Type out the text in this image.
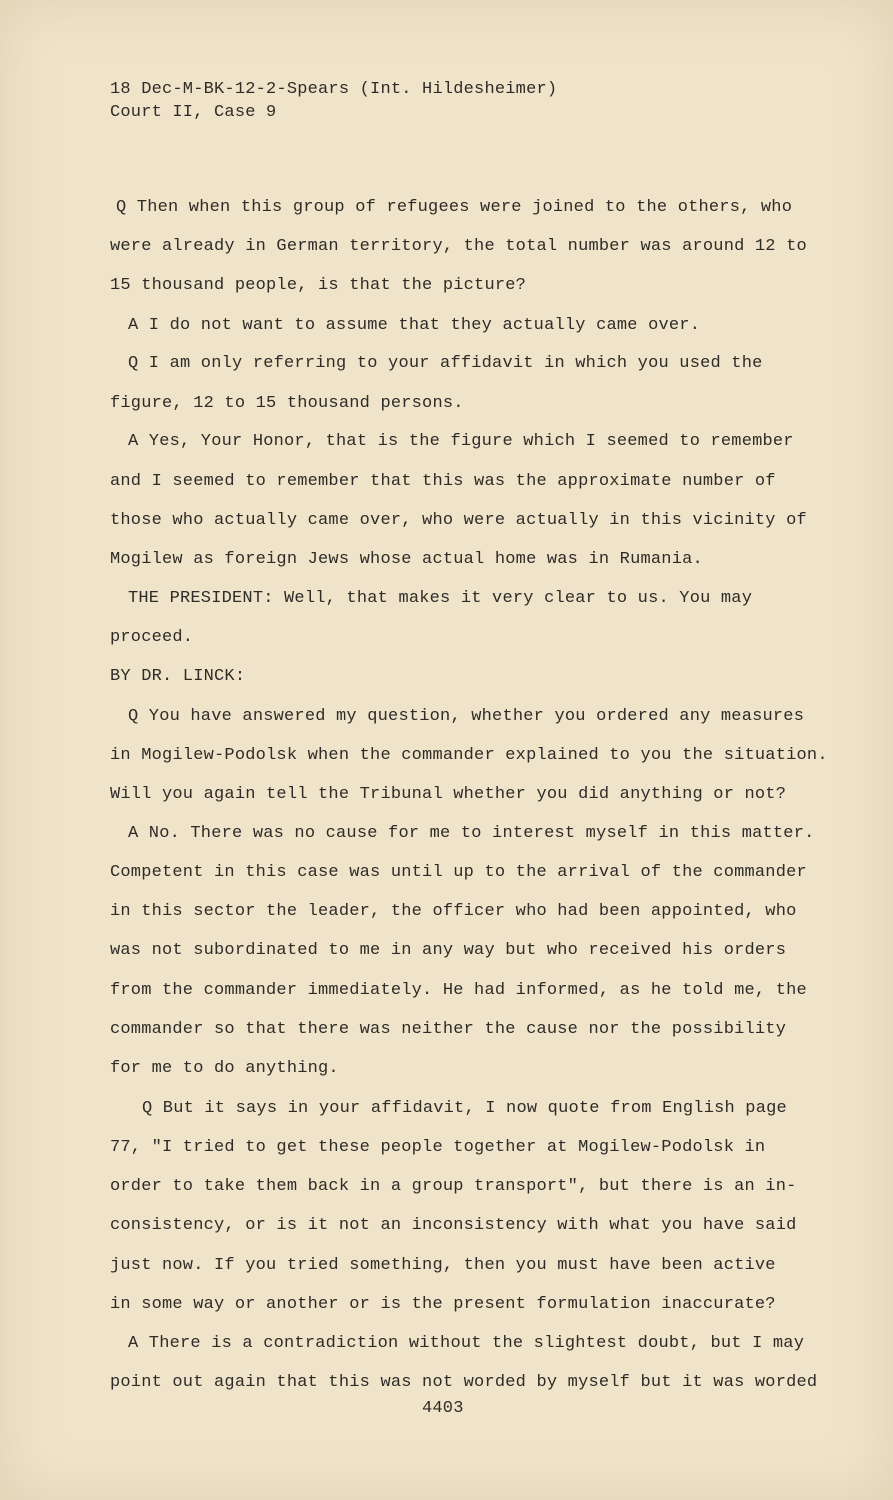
18 Dec-M-BK-12-2-Spears (Int. Hildesheimer)
Court II, Case 9
Q Then when this group of refugees were joined to the others, who
were already in German territory, the total number was around 12 to
15 thousand people, is that the picture?
A I do not want to assume that they actually came over.
Q I am only referring to your affidavit in which you used the
figure, 12 to 15 thousand persons.
A Yes, Your Honor, that is the figure which I seemed to remember
and I seemed to remember that this was the approximate number of
those who actually came over, who were actually in this vicinity of
Mogilew as foreign Jews whose actual home was in Rumania.
THE PRESIDENT: Well, that makes it very clear to us. You may
proceed.
BY DR. LINCK:
Q You have answered my question, whether you ordered any measures
in Mogilew-Podolsk when the commander explained to you the situation.
Will you again tell the Tribunal whether you did anything or not?
A No. There was no cause for me to interest myself in this matter.
Competent in this case was until up to the arrival of the commander
in this sector the leader, the officer who had been appointed, who
was not subordinated to me in any way but who received his orders
from the commander immediately. He had informed, as he told me, the
commander so that there was neither the cause nor the possibility
for me to do anything.
Q But it says in your affidavit, I now quote from English page
77, "I tried to get these people together at Mogilew-Podolsk in
order to take them back in a group transport", but there is an in-
consistency, or is it not an inconsistency with what you have said
just now. If you tried something, then you must have been active
in some way or another or is the present formulation inaccurate?
A There is a contradiction without the slightest doubt, but I may
point out again that this was not worded by myself but it was worded
4403
